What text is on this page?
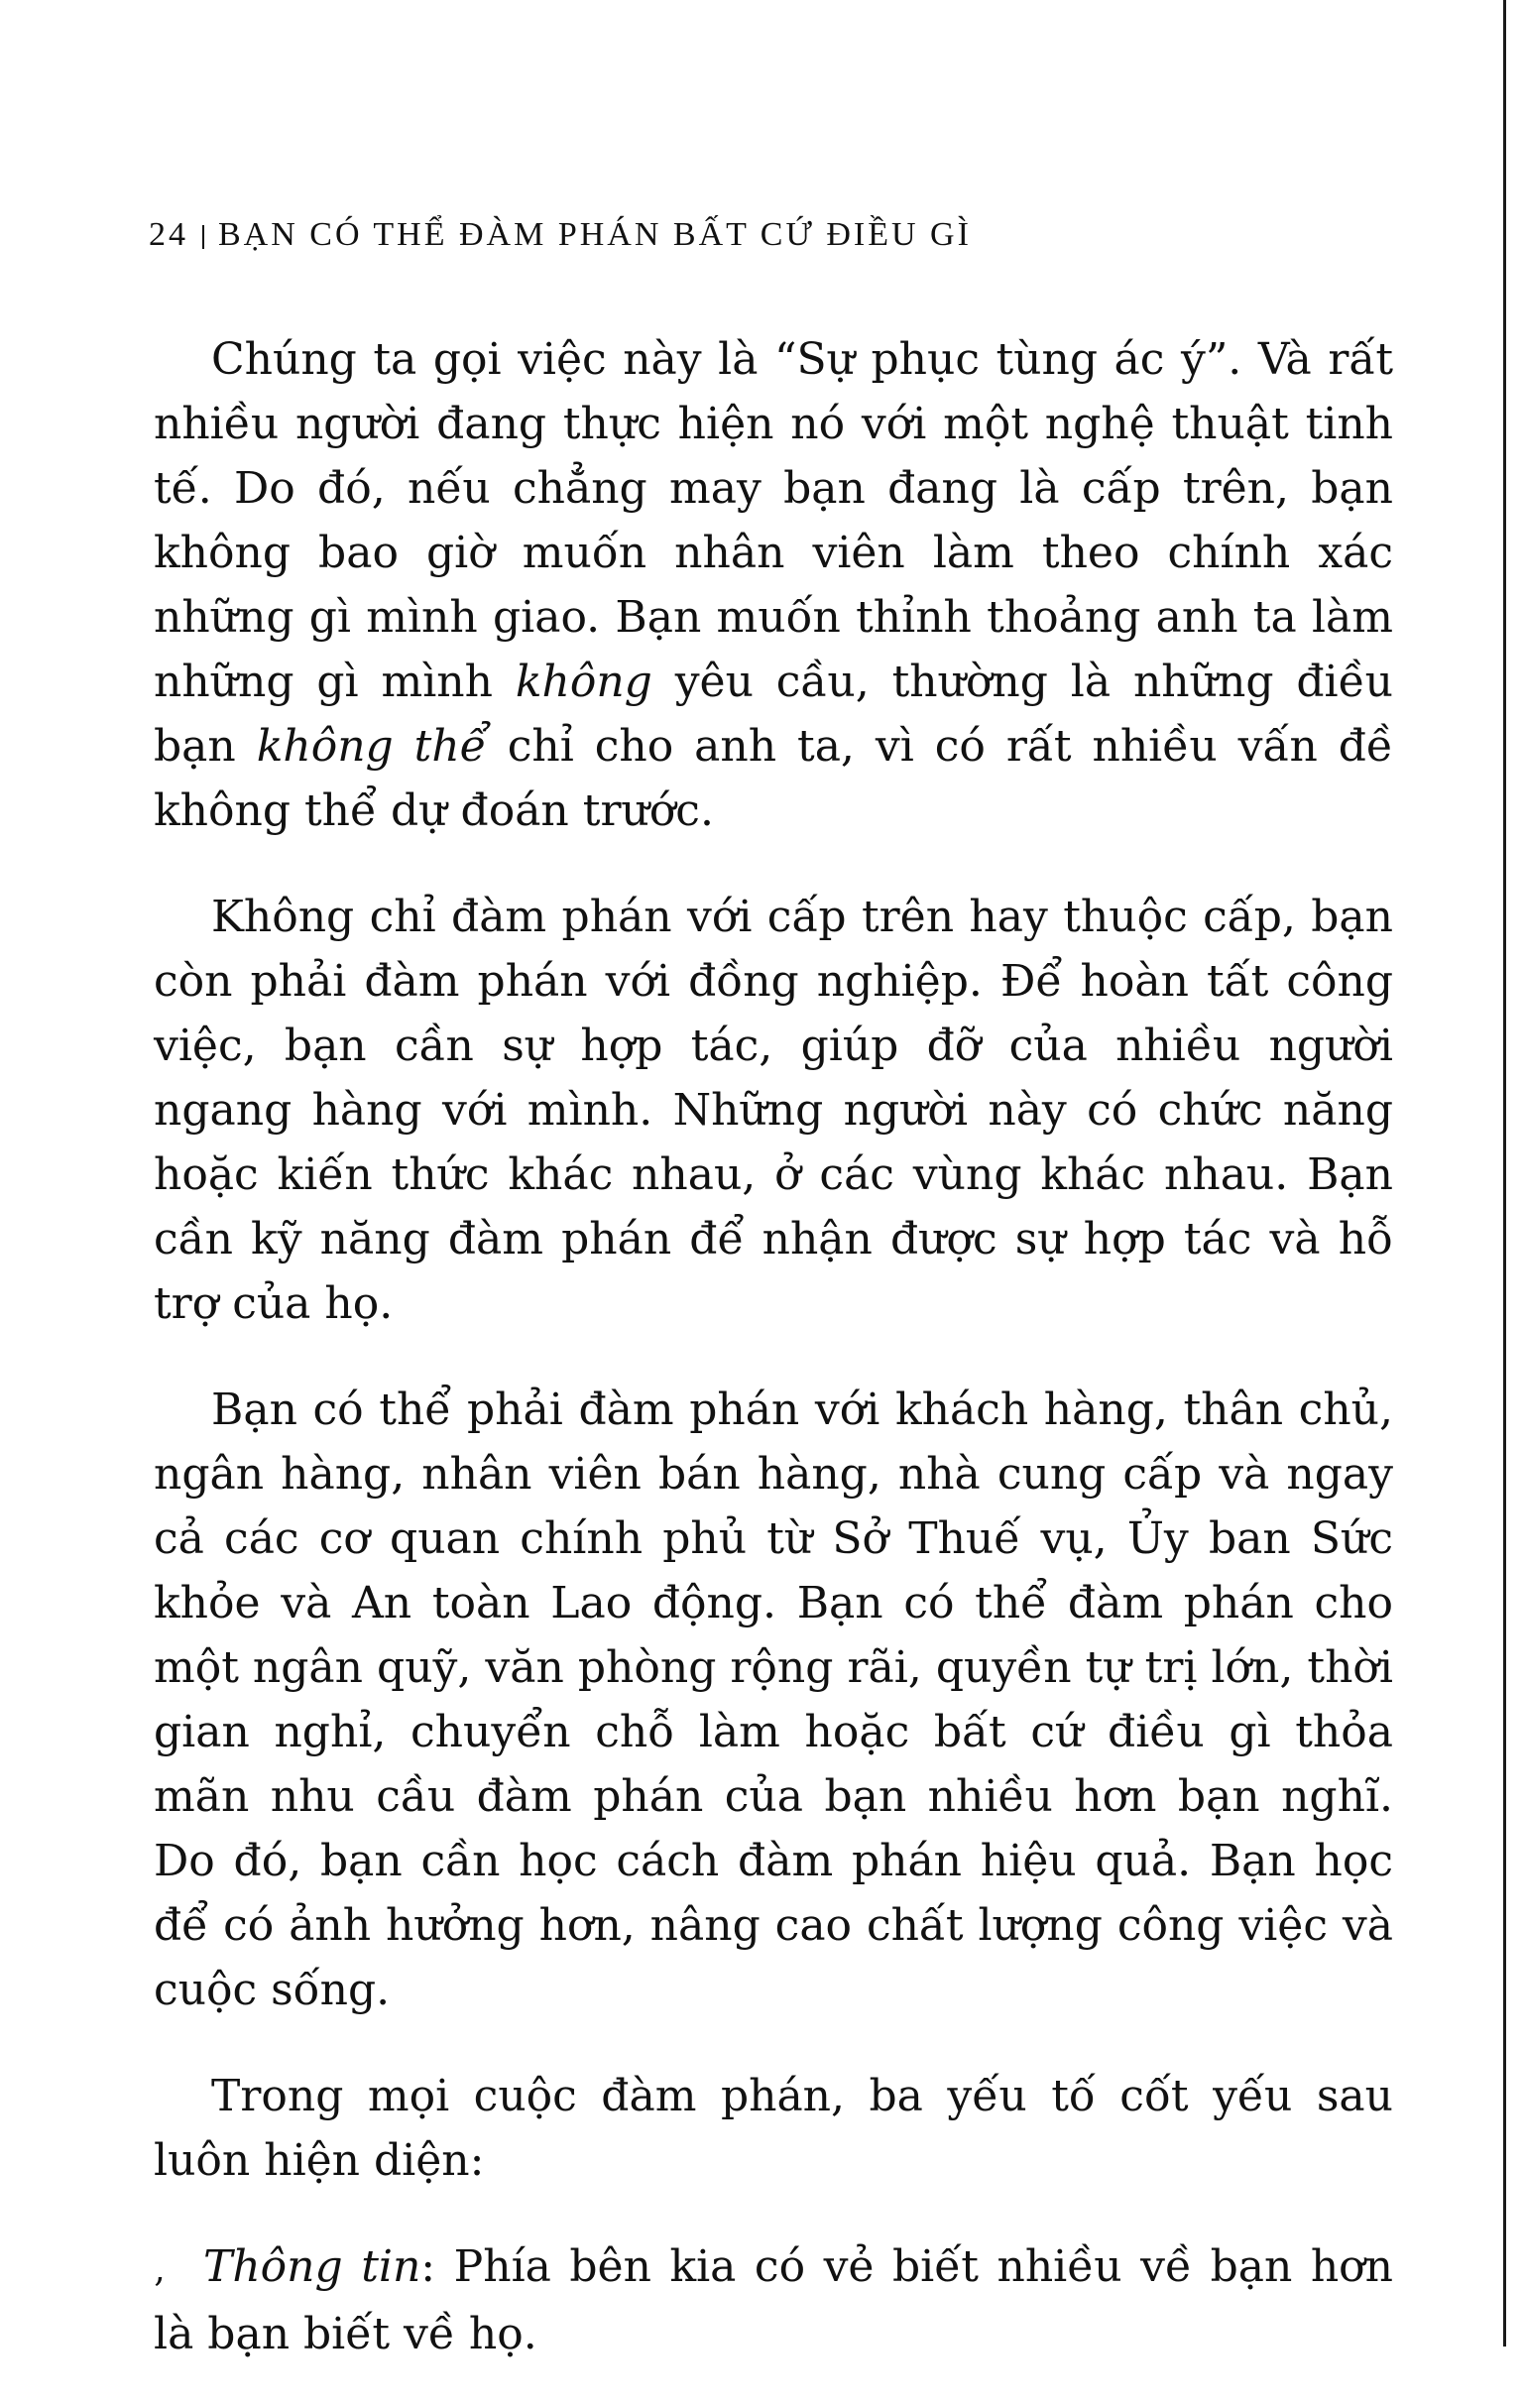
24 BẠN CÓ THỂ ĐÀM PHÁN BẤT CỨ ĐIỀU GÌ

Chúng ta gọi việc này là “Sự phục tùng ác ý”. Và rất nhiều người đang thực hiện nó với một nghệ thuật tinh tế. Do đó, nếu chẳng may bạn đang là cấp trên, bạn không bao giờ muốn nhân viên làm theo chính xác những gì mình giao. Bạn muốn thỉnh thoảng anh ta làm những gì mình không yêu cầu, thường là những điều bạn không thể chỉ cho anh ta, vì có rất nhiều vấn đề không thể dự đoán trước.

Không chỉ đàm phán với cấp trên hay thuộc cấp, bạn còn phải đàm phán với đồng nghiệp. Để hoàn tất công việc, bạn cần sự hợp tác, giúp đỡ của nhiều người ngang hàng với mình. Những người này có chức năng hoặc kiến thức khác nhau, ở các vùng khác nhau. Bạn cần kỹ năng đàm phán để nhận được sự hợp tác và hỗ trợ của họ.

Bạn có thể phải đàm phán với khách hàng, thân chủ, ngân hàng, nhân viên bán hàng, nhà cung cấp và ngay cả các cơ quan chính phủ từ Sở Thuế vụ, Ủy ban Sức khỏe và An toàn Lao động. Bạn có thể đàm phán cho một ngân quỹ, văn phòng rộng rãi, quyền tự trị lớn, thời gian nghỉ, chuyển chỗ làm hoặc bất cứ điều gì thỏa mãn nhu cầu đàm phán của bạn nhiều hơn bạn nghĩ. Do đó, bạn cần học cách đàm phán hiệu quả. Bạn học để có ảnh hưởng hơn, nâng cao chất lượng công việc và cuộc sống.

Trong mọi cuộc đàm phán, ba yếu tố cốt yếu sau luôn hiện diện:

‚ Thông tin: Phía bên kia có vẻ biết nhiều về bạn hơn là bạn biết về họ.
